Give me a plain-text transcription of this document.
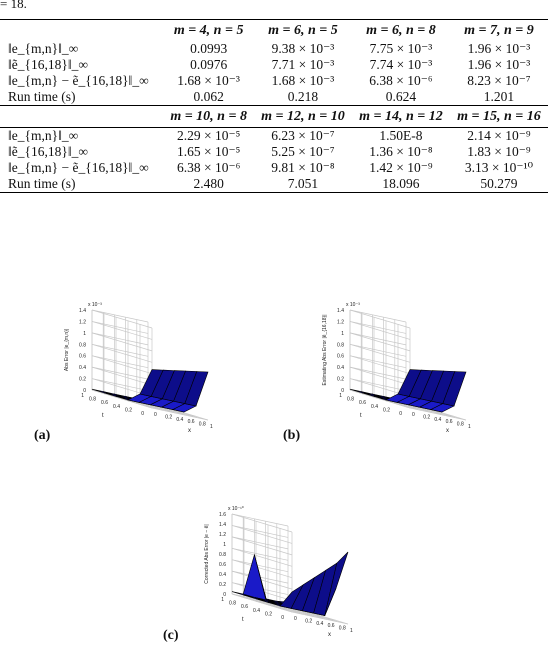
= 18.
	m = 4, n = 5	m = 6, n = 5	m = 6, n = 8	m = 7, n = 9
‖e_{m,n}‖_∞	0.0993	9.38 × 10⁻³	7.75 × 10⁻³	1.96 × 10⁻³
‖ẽ_{16,18}‖_∞	0.0976	7.71 × 10⁻³	7.74 × 10⁻³	1.96 × 10⁻³
‖e_{m,n} − ẽ_{16,18}‖_∞	1.68 × 10⁻³	1.68 × 10⁻³	6.38 × 10⁻⁶	8.23 × 10⁻⁷
Run time (s)	0.062	0.218	0.624	1.201
	m = 10, n = 8	m = 12, n = 10	m = 14, n = 12	m = 15, n = 16
‖e_{m,n}‖_∞	2.29 × 10⁻⁵	6.23 × 10⁻⁷	1.50E-8	2.14 × 10⁻⁹
‖ẽ_{16,18}‖_∞	1.65 × 10⁻⁵	5.25 × 10⁻⁷	1.36 × 10⁻⁸	1.83 × 10⁻⁹
‖e_{m,n} − ẽ_{16,18}‖_∞	6.38 × 10⁻⁶	9.81 × 10⁻⁸	1.42 × 10⁻⁹	3.13 × 10⁻¹⁰
Run time (s)	2.480	7.051	18.096	50.279
0
0.2
0.4
0.6
0.8
1
1.2
1.4
0 0.2 0.4 0.6 0.8 1
0
0.2
0.4
0.6
0.8
1
x
t
Abs Error |e_{m,n}|
x 10⁻³
0
0.2
0.4
0.6
0.8
1
1.2
1.4
0 0.2 0.4 0.6 0.8 1
0
0.2
0.4
0.6
0.8
1
x
t
Estimating Abs Error |ẽ_{16,18}|
x 10⁻³
0
0.2
0.4
0.6
0.8
1
1.2
1.4
1.6
0 0.2 0.4 0.6 0.8 1
0
0.2
0.4
0.6
0.8
1
x
t
Corrected Abs Error |e − ẽ|
x 10⁻¹⁰
(a)	(b)
(c)
